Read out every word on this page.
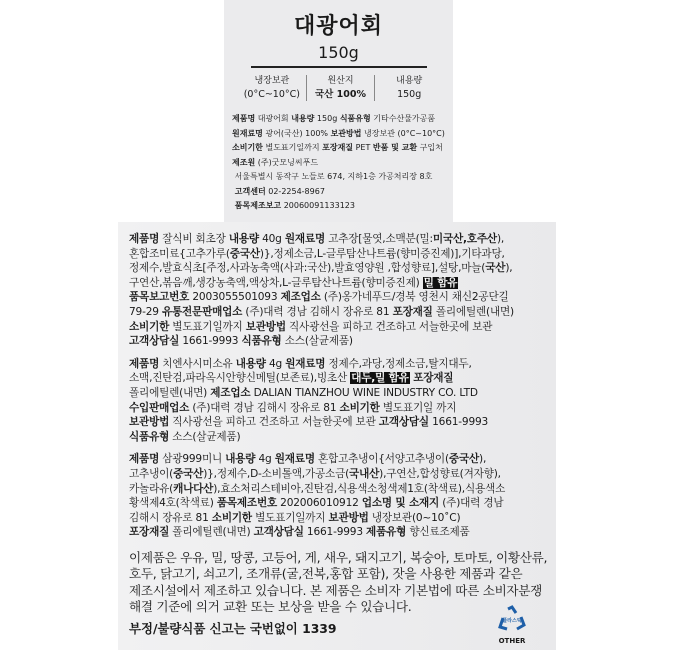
대광어회
150g
냉장보관
(0°C~10°C)
원산지
국산 100%
내용량
150g
제품명 대광어회 내용량 150g 식품유형 기타수산물가공품
원재료명 광어(국산) 100% 보관방법 냉장보관 (0°C~10°C)
소비기한 별도표기일까지 포장재질 PET 반품 및 교환 구입처
제조원 (주)굿모닝씨푸드
서울특별시 동작구 노들로 674, 지하1층 가공처리장 8호
고객센터 02-2254-8967
품목제조보고 20060091133123
제품명 잘식비 회초장 내용량 40g 원재료명 고추장[물엿,소맥분(밀:미국산,호주산),
혼합조미료{고추가루(중국산)},정제소금,L-글루탐산나트륨(향미증진제)],기타과당,
정제수,발효식초[주정,사과농축액(사과:국산),발효영양원 ,합성향료],설탕,마늘(국산),
구연산,볶음깨,생강농축액,액상차,L-글루탐산나트륨(향미증진제) 밀 함유
품목보고번호 2003055501093 제조업소 (주)옹가네푸드/경북 영천시 채신2공단길
79-29 유통전문판매업소 (주)대력 경남 김해시 장유로 81 포장재질 폴리에틸렌(내면)
소비기한 별도표기일까지 보관방법 직사광선을 피하고 건조하고 서늘한곳에 보관
고객상담실 1661-9993 식품유형 소스(살균제품)
제품명 치엔사시미소유 내용량 4g 원재료명 정제수,과당,정제소금,탈지대두,
소맥,진탄검,파라옥시안향신메틸(보존료),빙초산 대두,밀 함유 포장재질
폴리에틸렌(내면) 제조업소 DALIAN TIANZHOU WINE INDUSTRY CO. LTD
수입판매업소 (주)대력 경남 김해시 장유로 81 소비기한 별도표기일 까지
보관방법 직사광선을 피하고 건조하고 서늘한곳에 보관 고객상담실 1661-9993
식품유형 소스(살균제품)
제품명 삼광999미니 내용량 4g 원재료명 혼합고추냉이{서양고추냉이(중국산),
고추냉이(중국산)},정제수,D-소비톨액,가공소금(국내산),구연산,합성향료(겨자향),
카놀라유(캐나다산),효소처리스테비아,진탄검,식용색소청색제1호(착색료),식용색소
황색제4호(착색료) 품목제조번호 202006010912 업소명 및 소재지 (주)대력 경남
김해시 장유로 81 소비기한 별도표기일까지 보관방법 냉장보관(0~10˚C)
포장재질 폴리에틸렌(내면) 고객상담실 1661-9993 제품유형 향신료조제품
이제품은 우유, 밀, 땅콩, 고등어, 게, 새우, 돼지고기, 복숭아, 토마토, 이황산류,
호두, 닭고기, 쇠고기, 조개류(굴,전복,홍합 포함), 잣을 사용한 제품과 같은
제조시설에서 제조하고 있습니다. 본 제품은 소비자 기본법에 따른 소비자분쟁
해결 기준에 의거 교환 또는 보상을 받을 수 있습니다.
부정/불량식품 신고는 국번없이 1339	플라스틱
OTHER
